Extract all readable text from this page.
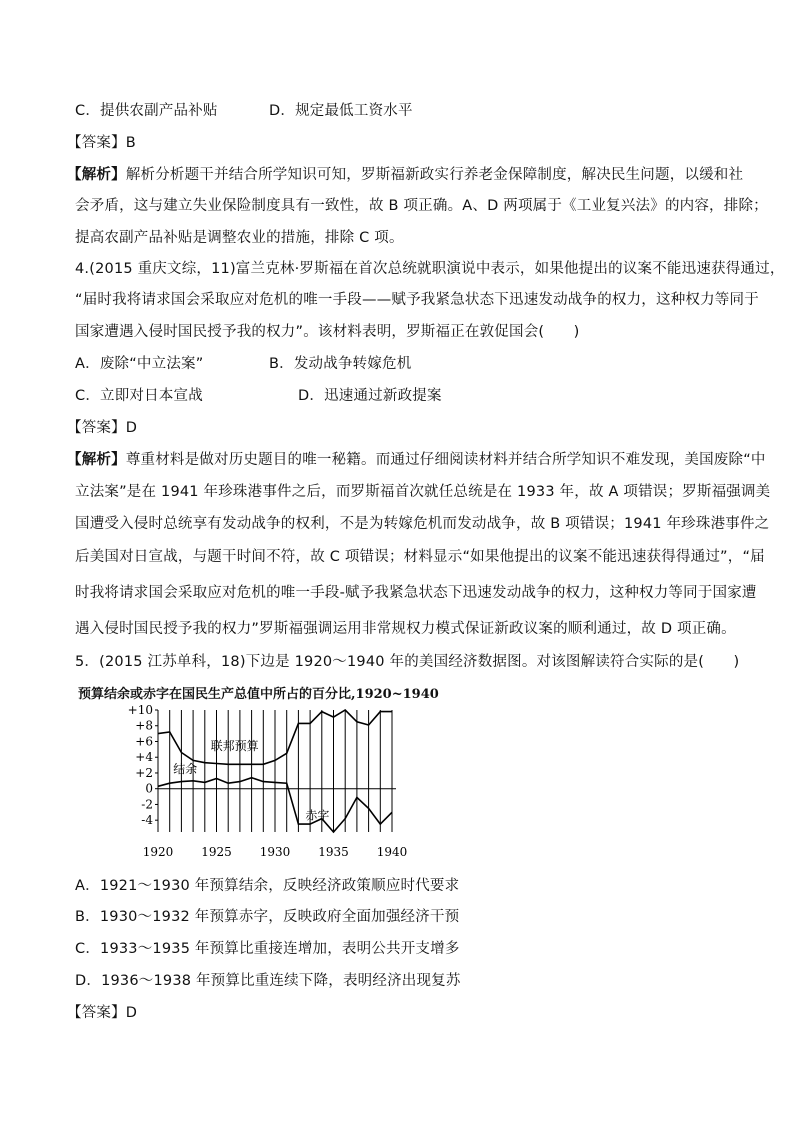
C．提供农副产品补贴	D．规定最低工资水平
【答案】B
【解析】解析分析题干并结合所学知识可知，罗斯福新政实行养老金保障制度，解决民生问题，以缓和社
会矛盾，这与建立失业保险制度具有一致性，故 B 项正确。A、D 两项属于《工业复兴法》的内容，排除；
提高农副产品补贴是调整农业的措施，排除 C 项。
4.(2015 重庆文综，11)富兰克林·罗斯福在首次总统就职演说中表示，如果他提出的议案不能迅速获得通过，
“届时我将请求国会采取应对危机的唯一手段——赋予我紧急状态下迅速发动战争的权力，这种权力等同于
国家遭遇入侵时国民授予我的权力”。该材料表明，罗斯福正在敦促国会(　　)
A．废除“中立法案”	B．发动战争转嫁危机
C．立即对日本宣战	D．迅速通过新政提案
【答案】D
【解析】尊重材料是做对历史题目的唯一秘籍。而通过仔细阅读材料并结合所学知识不难发现，美国废除“中
立法案”是在 1941 年珍珠港事件之后，而罗斯福首次就任总统是在 1933 年，故 A 项错误；罗斯福强调美
国遭受入侵时总统享有发动战争的权利，不是为转嫁危机而发动战争，故 B 项错误；1941 年珍珠港事件之
后美国对日宣战，与题干时间不符，故 C 项错误；材料显示“如果他提出的议案不能迅速获得得通过”，“届
时我将请求国会采取应对危机的唯一手段-赋予我紧急状态下迅速发动战争的权力，这种权力等同于国家遭
遇入侵时国民授予我的权力”罗斯福强调运用非常规权力模式保证新政议案的顺利通过，故 D 项正确。
5．(2015 江苏单科，18)下边是 1920～1940 年的美国经济数据图。对该图解读符合实际的是(　　)
预算结余或赤字在国民生产总值中所占的百分比,1920~1940
+10
+8
+6
+4
+2
0
-2
-4
1920 1925 1930 1935 1940
联邦预算
结余
赤字
A．1921～1930 年预算结余，反映经济政策顺应时代要求
B．1930～1932 年预算赤字，反映政府全面加强经济干预
C．1933～1935 年预算比重接连增加，表明公共开支增多
D．1936～1938 年预算比重连续下降，表明经济出现复苏
【答案】D
